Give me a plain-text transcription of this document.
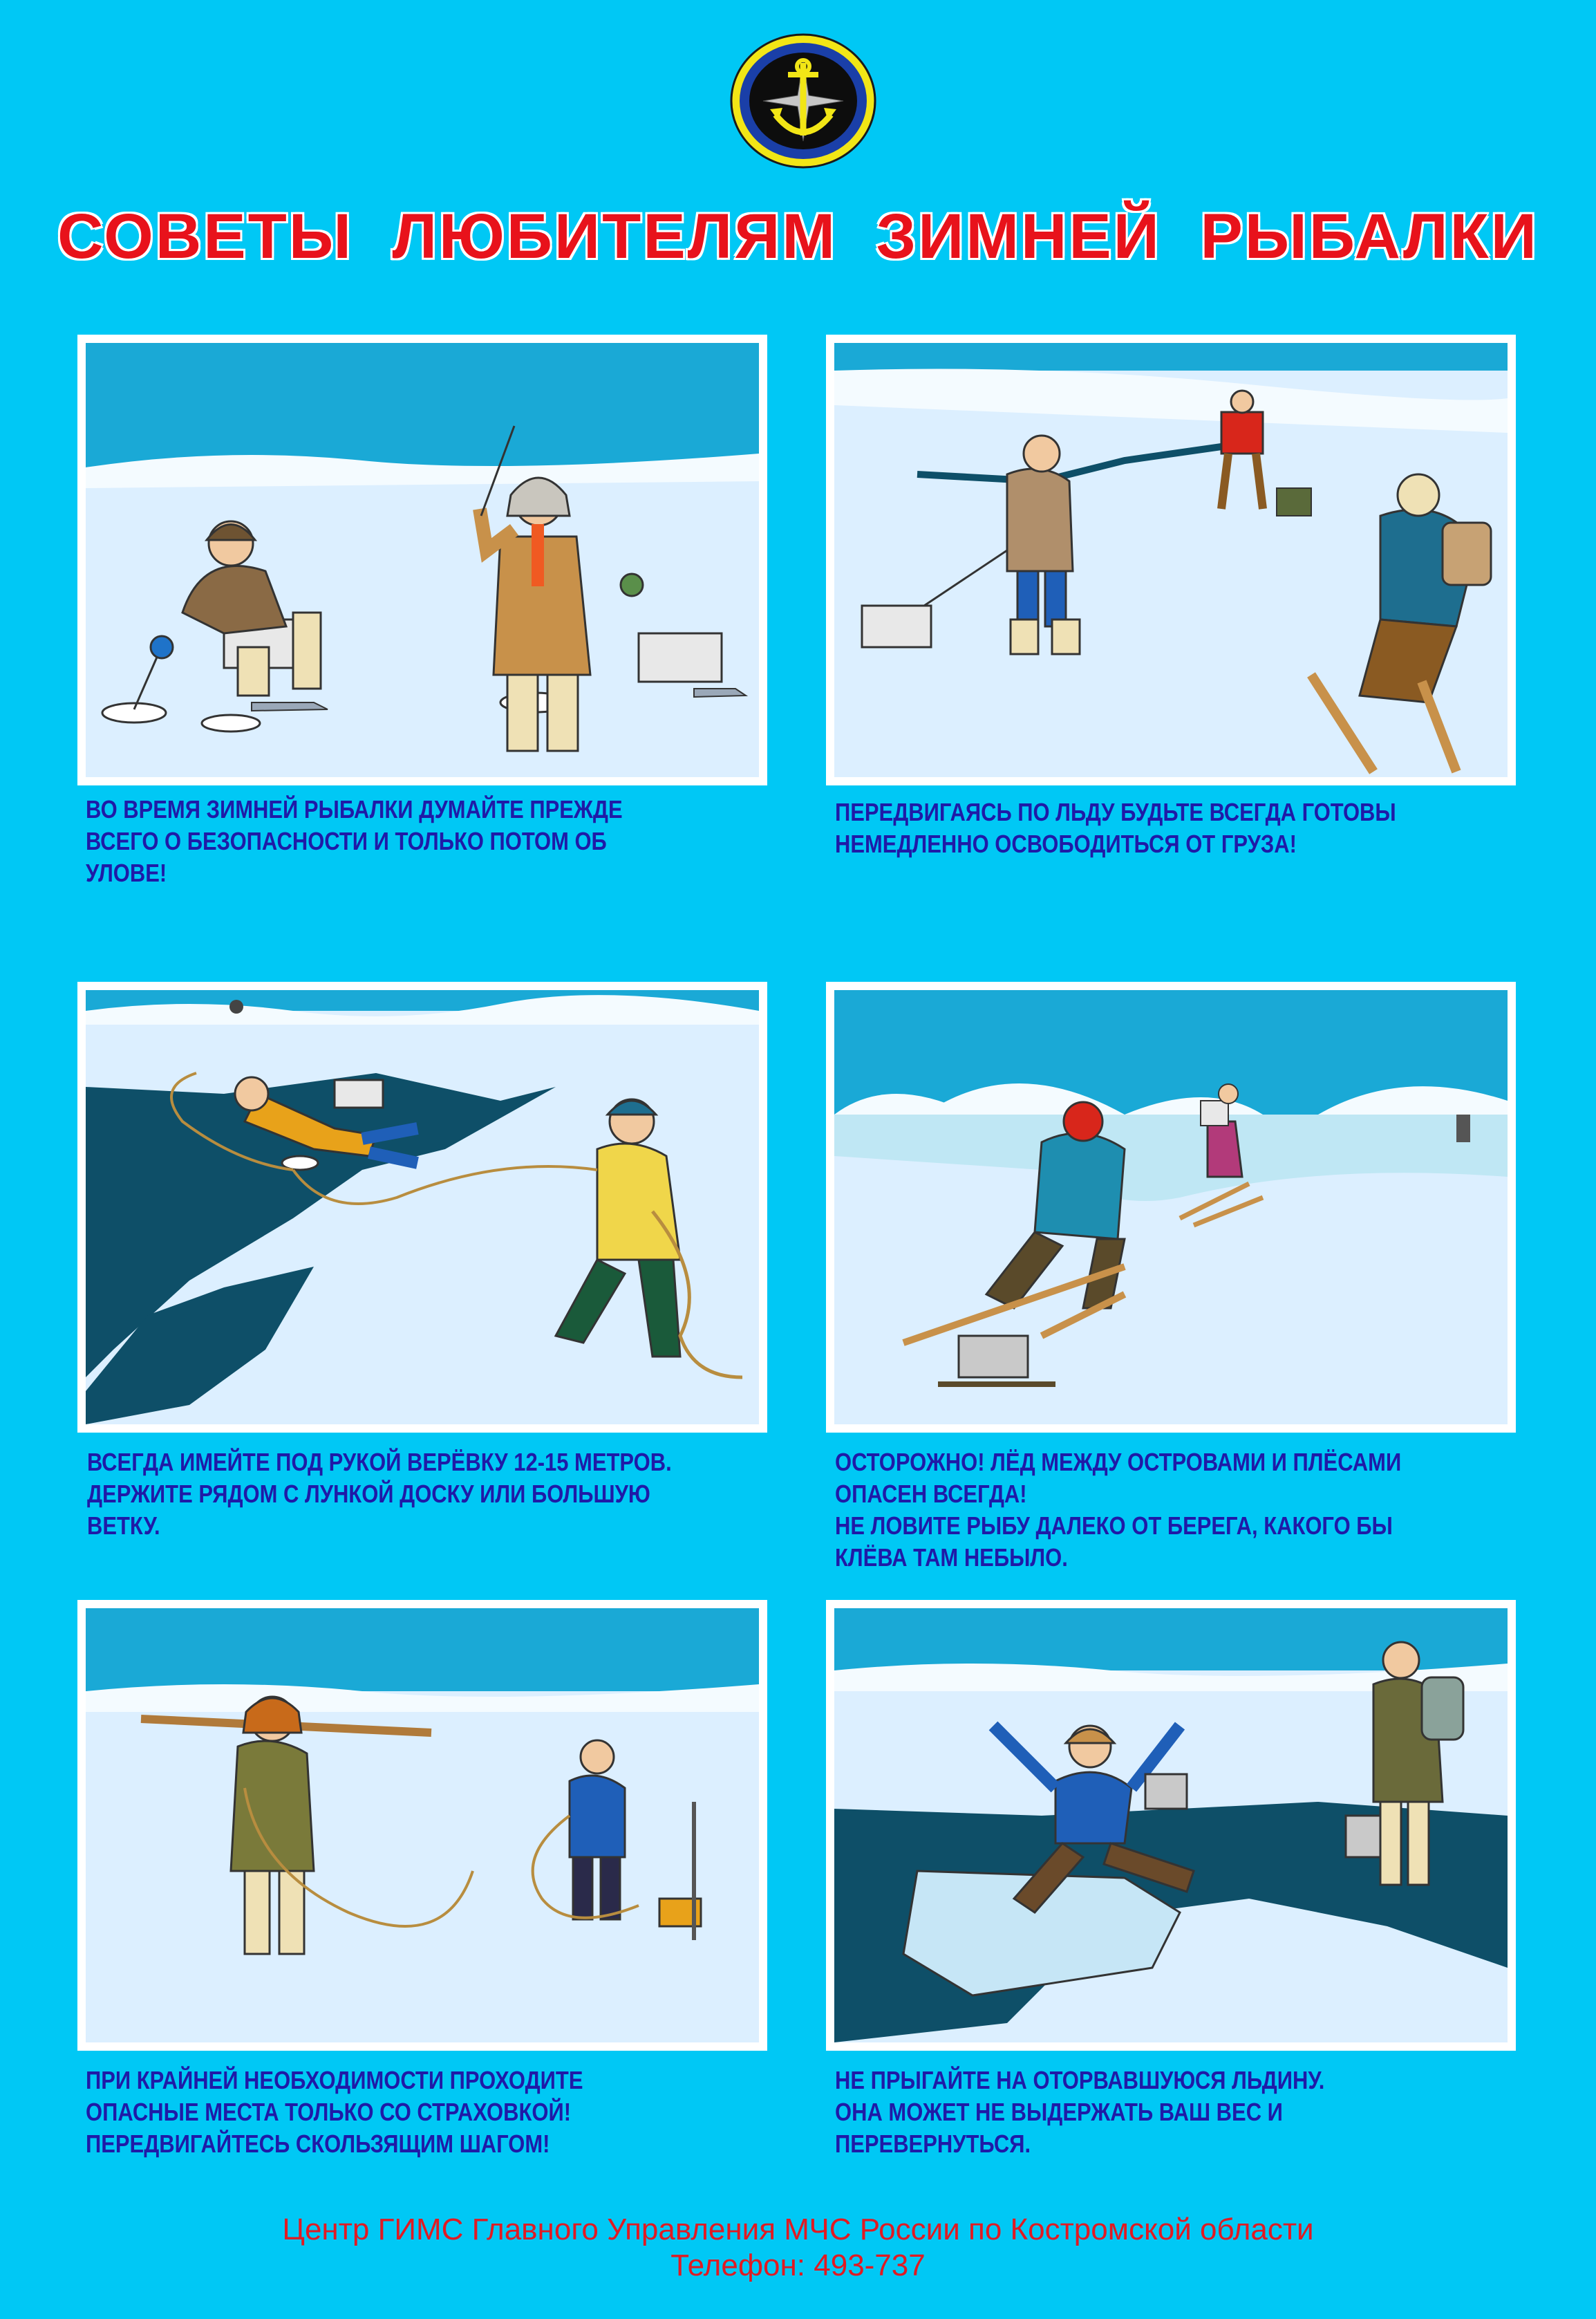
СОВЕТЫ ЛЮБИТЕЛЯМ ЗИМНЕЙ РЫБАЛКИ
ВО ВРЕМЯ ЗИМНЕЙ РЫБАЛКИ ДУМАЙТЕ ПРЕЖДЕ
ВСЕГО О БЕЗОПАСНОСТИ И ТОЛЬКО ПОТОМ ОБ
УЛОВЕ!
ПЕРЕДВИГАЯСЬ ПО ЛЬДУ БУДЬТЕ ВСЕГДА ГОТОВЫ
НЕМЕДЛЕННО ОСВОБОДИТЬСЯ ОТ ГРУЗА!
ВСЕГДА ИМЕЙТЕ ПОД РУКОЙ ВЕРЁВКУ 12-15 МЕТРОВ.
ДЕРЖИТЕ РЯДОМ С ЛУНКОЙ ДОСКУ ИЛИ БОЛЬШУЮ
ВЕТКУ.
ОСТОРОЖНО! ЛЁД МЕЖДУ ОСТРОВАМИ И ПЛЁСАМИ
ОПАСЕН ВСЕГДА!
НЕ ЛОВИТЕ РЫБУ ДАЛЕКО ОТ БЕРЕГА, КАКОГО БЫ
КЛЁВА ТАМ НЕБЫЛО.
ПРИ КРАЙНЕЙ НЕОБХОДИМОСТИ ПРОХОДИТЕ
ОПАСНЫЕ МЕСТА ТОЛЬКО СО СТРАХОВКОЙ!
ПЕРЕДВИГАЙТЕСЬ СКОЛЬЗЯЩИМ ШАГОМ!
НЕ ПРЫГАЙТЕ НА ОТОРВАВШУЮСЯ ЛЬДИНУ.
ОНА МОЖЕТ НЕ ВЫДЕРЖАТЬ ВАШ ВЕС И ПЕРЕВЕРНУТЬСЯ.
Центр ГИМС Главного Управления МЧС России по Костромской области
Телефон: 493-737
